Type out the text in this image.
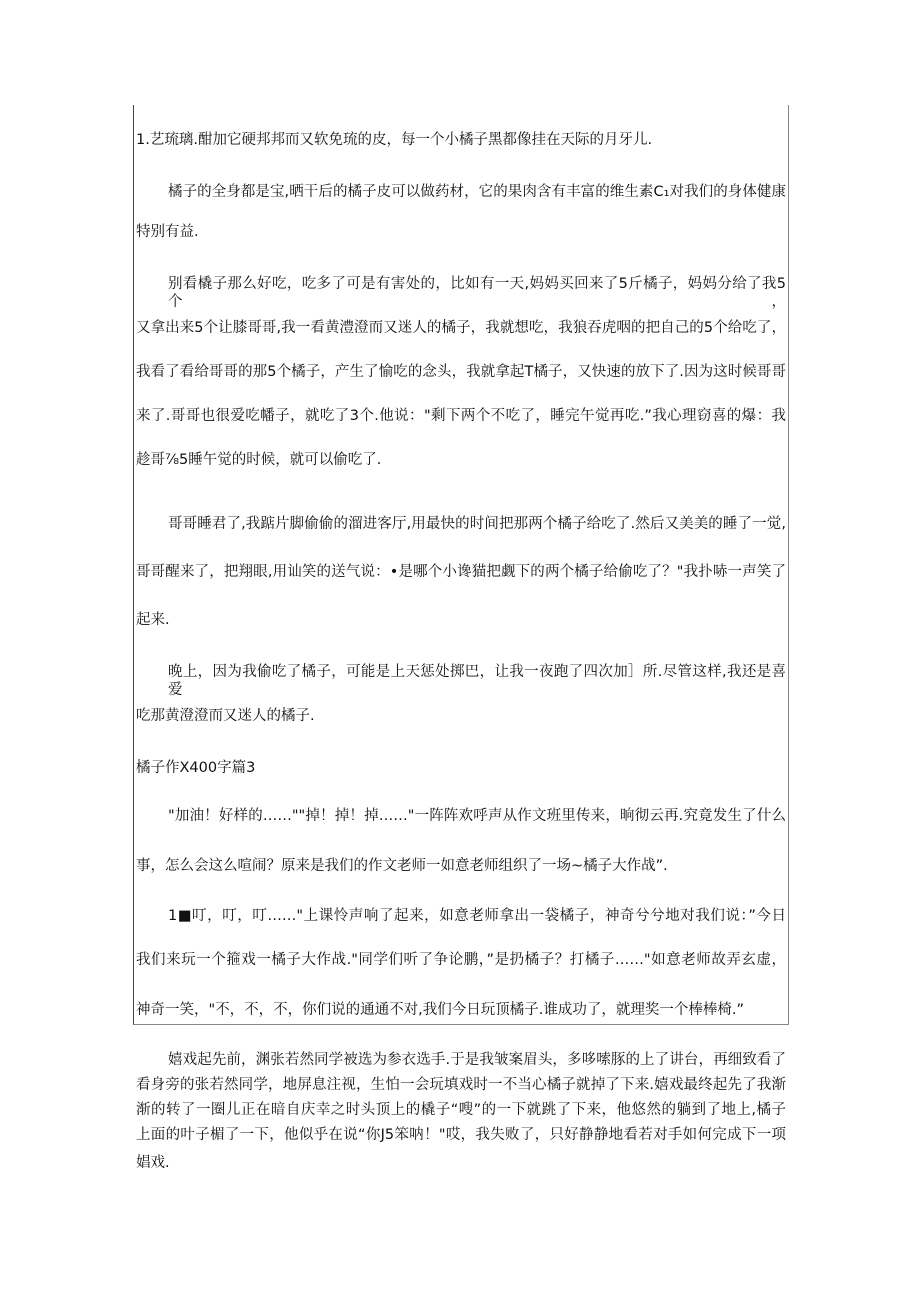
1.艺琉璃.酣加它硬邦邦而又软免琉的皮，每一个小橘子黑都像挂在天际的月牙儿.
橘子的全身都是宝,晒干后的橘子皮可以做药材，它的果肉含有丰富的维生素C₁对我们的身体健康
特别有益.
别看橇子那么好吃，吃多了可是有害处的，比如有一天,妈妈买回来了5斤橘子，妈妈分给了我5个，
又拿出来5个让膝哥哥,我一看黄澧澄而又迷人的橘子，我就想吃，我狼吞虎咽的把自己的5个给吃了，
我看了看给哥哥的那5个橘子，产生了愉吃的念头，我就拿起T橘子，又快速的放下了.因为这时候哥哥
来了.哥哥也很爱吃幡子，就吃了3个.他说："剩下两个不吃了，睡完午觉再吃.”我心理窃喜的爆：我
趁哥⅞5睡午觉的时候，就可以偷吃了.
哥哥睡君了,我踮片脚偷偷的溜进客厅,用最快的时间把那两个橘子给吃了.然后又美美的睡了一觉,
哥哥醒来了，把翔眼,用讪笑的送气说：•是哪个小谗猫把觑下的两个橘子给偷吃了？"我扑哧一声笑了
起来.
晚上，因为我偷吃了橘子，可能是上天惩处掷巴，让我一夜跑了四次加］所.尽管这样,我还是喜爱
吃那黄澄澄而又迷人的橘子.
橘子作X400字篇3
"加油！好样的……""掉！掉！掉……"一阵阵欢呼声从作文班里传来，晌彻云再.究竟发生了什么
事，怎么会这么喧闹？原来是我们的作文老师一如意老师组织了一场~橘子大作战”.
1■叮，叮，叮……"上课怜声响了起来，如意老师拿出一袋橘子，神奇兮兮地对我们说：”今日
我们来玩一个箍戏一橘子大作战."同学们听了争论鹏，”是扔橘子？打橘子……"如意老师故弄玄虚，
神奇一笑，"不，不，不，你们说的通通不对,我们今日玩顶橘子.谁成功了，就理奖一个棒棒椅.”
嬉戏起先前，渊张若然同学被选为参衣选手.于是我皱案眉头，多哆嗦豚的上了讲台，再细致看了
看身旁的张若然同学，地屏息注视，生怕一会玩填戏时一不当心橘子就掉了下来.嬉戏最终起先了我渐
渐的转了一圈儿正在暗自庆幸之时头顶上的橇子“嗖”的一下就跳了下来，他悠然的躺到了地上,橘子
上面的叶子楣了一下，他似乎在说“你J5笨呐！"哎，我失败了，只好静静地看若对手如何完成下一项
娼戏.
